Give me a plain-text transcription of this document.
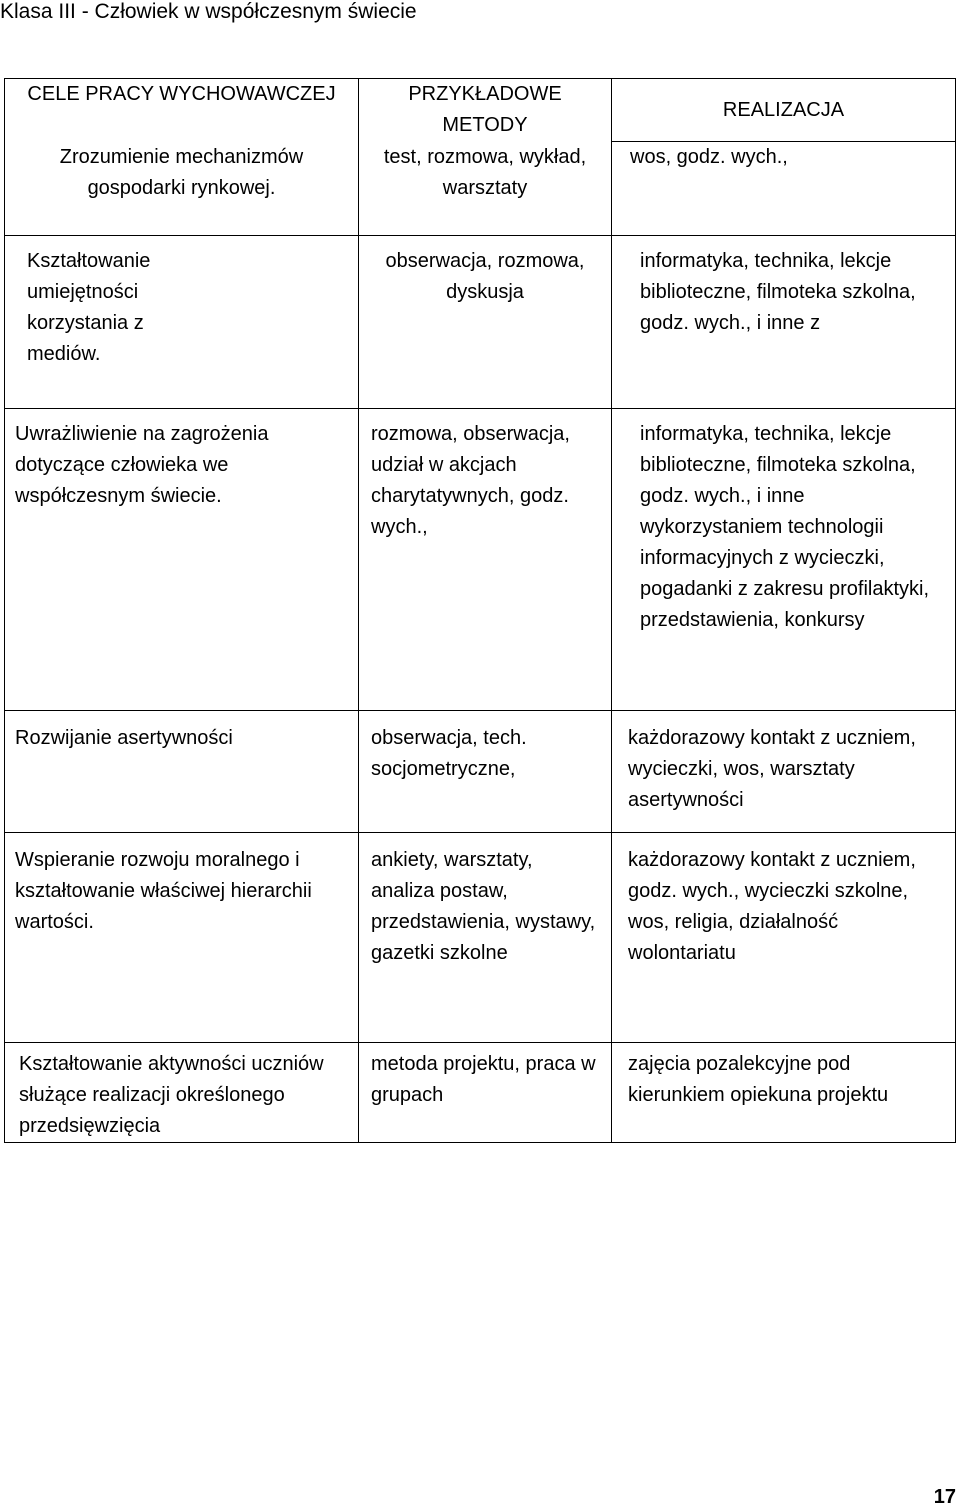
Klasa III - Człowiek w współczesnym świecie
CELE PRACY WYCHOWAWCZEJ	PRZYKŁADOWE METODY	REALIZACJA

Zrozumienie mechanizmów gospodarki rynkowej.	test, rozmowa, wykład, warsztaty	wos, godz. wych.,

Kształtowanie umiejętności korzystania z mediów.	obserwacja, rozmowa, dyskusja	informatyka, technika, lekcje biblioteczne, filmoteka szkolna, godz. wych., i inne z

Uwrażliwienie na zagrożenia dotyczące człowieka we współczesnym świecie.	rozmowa, obserwacja, udział w akcjach charytatywnych, godz. wych.,	informatyka, technika, lekcje biblioteczne, filmoteka szkolna, godz. wych., i inne wykorzystaniem technologii informacyjnych z wycieczki, pogadanki z zakresu profilaktyki, przedstawienia, konkursy

Rozwijanie asertywności	obserwacja, tech. socjometryczne,	każdorazowy kontakt z uczniem, wycieczki, wos, warsztaty asertywności

Wspieranie rozwoju moralnego i kształtowanie właściwej hierarchii wartości.	ankiety, warsztaty, analiza postaw, przedstawienia, wystawy, gazetki szkolne	każdorazowy kontakt z uczniem, godz. wych., wycieczki szkolne, wos, religia, działalność wolontariatu

Kształtowanie aktywności uczniów służące realizacji określonego przedsięwzięcia	metoda projektu, praca w grupach	zajęcia pozalekcyjne pod kierunkiem opiekuna projektu
17
